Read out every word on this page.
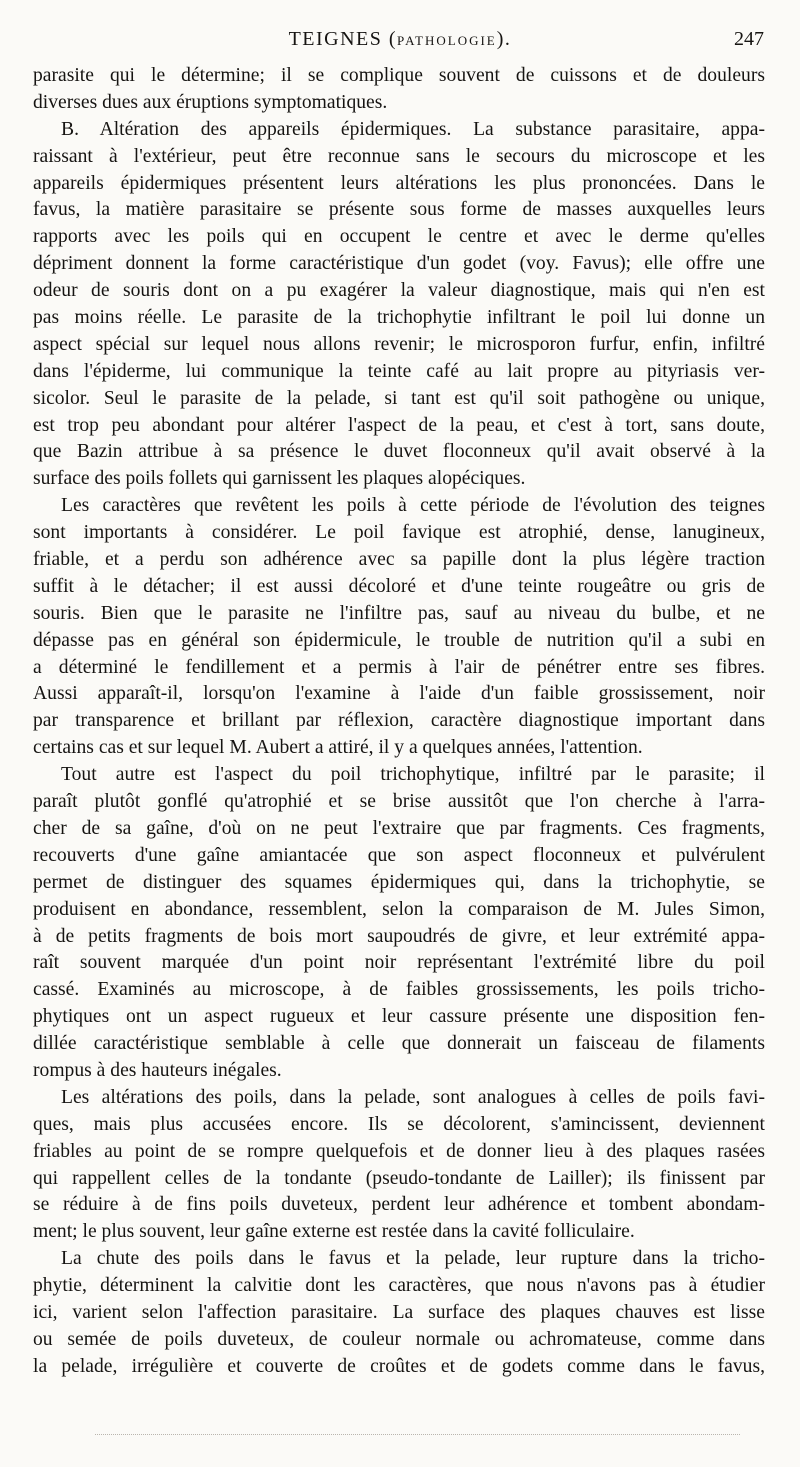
TEIGNES (PATHOLOGIE).	247
parasite qui le détermine; il se complique souvent de cuissons et de douleurs
diverses dues aux éruptions symptomatiques.
B. Altération des appareils épidermiques. La substance parasitaire, appa-
raissant à l'extérieur, peut être reconnue sans le secours du microscope et les
appareils épidermiques présentent leurs altérations les plus prononcées. Dans le
favus, la matière parasitaire se présente sous forme de masses auxquelles leurs
rapports avec les poils qui en occupent le centre et avec le derme qu'elles
dépriment donnent la forme caractéristique d'un godet (voy. Favus); elle offre une
odeur de souris dont on a pu exagérer la valeur diagnostique, mais qui n'en est
pas moins réelle. Le parasite de la trichophytie infiltrant le poil lui donne un
aspect spécial sur lequel nous allons revenir; le microsporon furfur, enfin, infiltré
dans l'épiderme, lui communique la teinte café au lait propre au pityriasis ver-
sicolor. Seul le parasite de la pelade, si tant est qu'il soit pathogène ou unique,
est trop peu abondant pour altérer l'aspect de la peau, et c'est à tort, sans doute,
que Bazin attribue à sa présence le duvet floconneux qu'il avait observé à la
surface des poils follets qui garnissent les plaques alopéciques.
Les caractères que revêtent les poils à cette période de l'évolution des teignes
sont importants à considérer. Le poil favique est atrophié, dense, lanugineux,
friable, et a perdu son adhérence avec sa papille dont la plus légère traction
suffit à le détacher; il est aussi décoloré et d'une teinte rougeâtre ou gris de
souris. Bien que le parasite ne l'infiltre pas, sauf au niveau du bulbe, et ne
dépasse pas en général son épidermicule, le trouble de nutrition qu'il a subi en
a déterminé le fendillement et a permis à l'air de pénétrer entre ses fibres.
Aussi apparaît-il, lorsqu'on l'examine à l'aide d'un faible grossissement, noir
par transparence et brillant par réflexion, caractère diagnostique important dans
certains cas et sur lequel M. Aubert a attiré, il y a quelques années, l'attention.
Tout autre est l'aspect du poil trichophytique, infiltré par le parasite; il
paraît plutôt gonflé qu'atrophié et se brise aussitôt que l'on cherche à l'arra-
cher de sa gaîne, d'où on ne peut l'extraire que par fragments. Ces fragments,
recouverts d'une gaîne amiantacée que son aspect floconneux et pulvérulent
permet de distinguer des squames épidermiques qui, dans la trichophytie, se
produisent en abondance, ressemblent, selon la comparaison de M. Jules Simon,
à de petits fragments de bois mort saupoudrés de givre, et leur extrémité appa-
raît souvent marquée d'un point noir représentant l'extrémité libre du poil
cassé. Examinés au microscope, à de faibles grossissements, les poils tricho-
phytiques ont un aspect rugueux et leur cassure présente une disposition fen-
dillée caractéristique semblable à celle que donnerait un faisceau de filaments
rompus à des hauteurs inégales.
Les altérations des poils, dans la pelade, sont analogues à celles de poils favi-
ques, mais plus accusées encore. Ils se décolorent, s'amincissent, deviennent
friables au point de se rompre quelquefois et de donner lieu à des plaques rasées
qui rappellent celles de la tondante (pseudo-tondante de Lailler); ils finissent par
se réduire à de fins poils duveteux, perdent leur adhérence et tombent abondam-
ment; le plus souvent, leur gaîne externe est restée dans la cavité folliculaire.
La chute des poils dans le favus et la pelade, leur rupture dans la tricho-
phytie, déterminent la calvitie dont les caractères, que nous n'avons pas à étudier
ici, varient selon l'affection parasitaire. La surface des plaques chauves est lisse
ou semée de poils duveteux, de couleur normale ou achromateuse, comme dans
la pelade, irrégulière et couverte de croûtes et de godets comme dans le favus,
